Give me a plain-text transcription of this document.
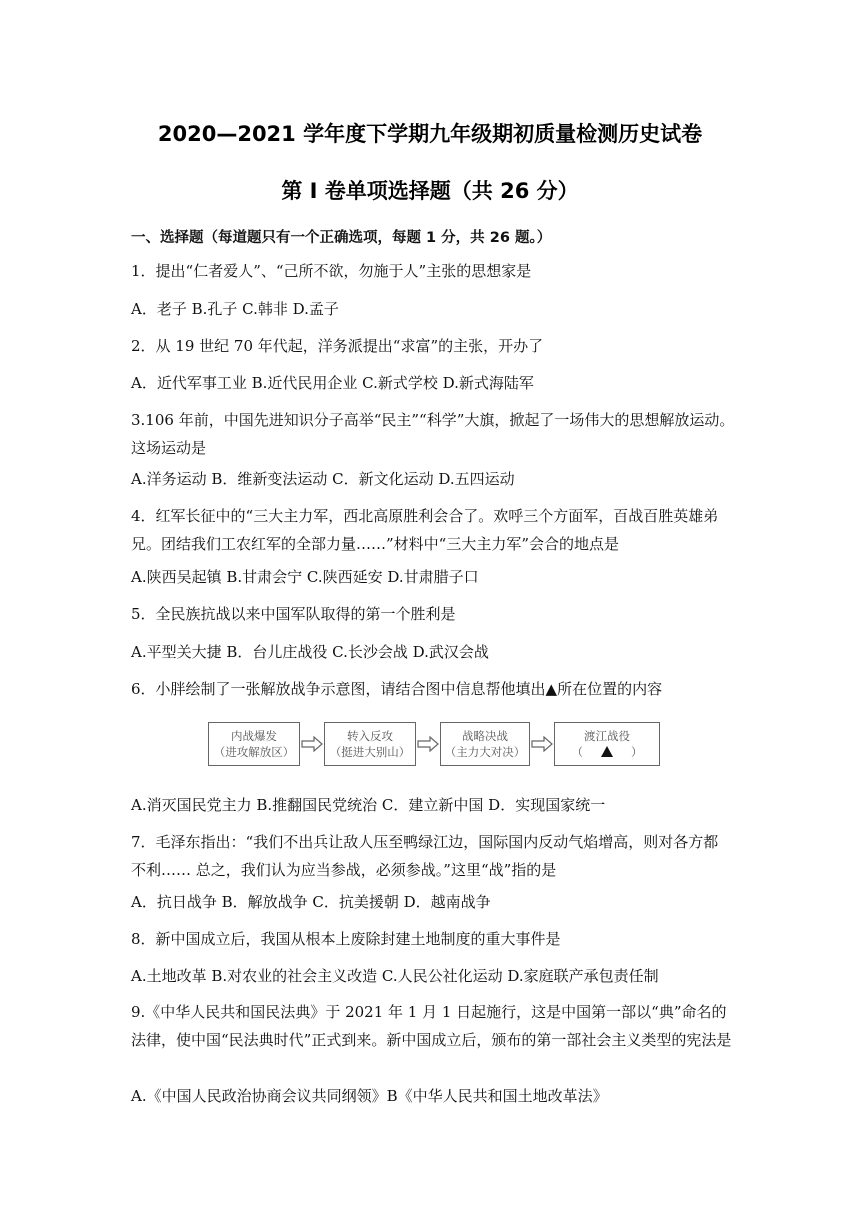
2020—2021 学年度下学期九年级期初质量检测历史试卷
第 I 卷单项选择题（共 26 分）
一、选择题（每道题只有一个正确选项，每题 1 分，共 26 题。）
1．提出“仁者爱人”、“己所不欲，勿施于人”主张的思想家是
A．老子 B.孔子 C.韩非 D.孟子
2．从 19 世纪 70 年代起，洋务派提出“求富”的主张，开办了
A．近代军事工业 B.近代民用企业 C.新式学校 D.新式海陆军
3.106 年前，中国先进知识分子高举“民主”“科学”大旗，掀起了一场伟大的思想解放运动。这场运动是
A.洋务运动 B．维新变法运动 C．新文化运动 D.五四运动
4．红军长征中的“三大主力军，西北高原胜利会合了。欢呼三个方面军，百战百胜英雄弟兄。团结我们工农红军的全部力量……”材料中“三大主力军”会合的地点是
A.陕西吴起镇 B.甘肃会宁 C.陕西延安 D.甘肃腊子口
5．全民族抗战以来中国军队取得的第一个胜利是
A.平型关大捷 B．台儿庄战役 C.长沙会战 D.武汉会战
6．小胖绘制了一张解放战争示意图，请结合图中信息帮他填出▲所在位置的内容
内战爆发
（进攻解放区）
转入反攻
（挺进大别山）
战略决战
（主力大对决）
渡江战役
（	）
A.消灭国民党主力 B.推翻国民党统治 C．建立新中国 D．实现国家统一
7．毛泽东指出：“我们不出兵让敌人压至鸭绿江边，国际国内反动气焰增高，则对各方都 不利…… 总之，我们认为应当参战，必须参战。”这里“战”指的是
A．抗日战争 B．解放战争 C．抗美援朝 D．越南战争
8．新中国成立后，我国从根本上废除封建土地制度的重大事件是
A.土地改革 B.对农业的社会主义改造 C.人民公社化运动 D.家庭联产承包责任制
9.《中华人民共和国民法典》于 2021 年 1 月 1 日起施行，这是中国第一部以“典”命名的法律，使中国“民法典时代”正式到来。新中国成立后，颁布的第一部社会主义类型的宪法是
A.《中国人民政治协商会议共同纲领》B《中华人民共和国土地改革法》
